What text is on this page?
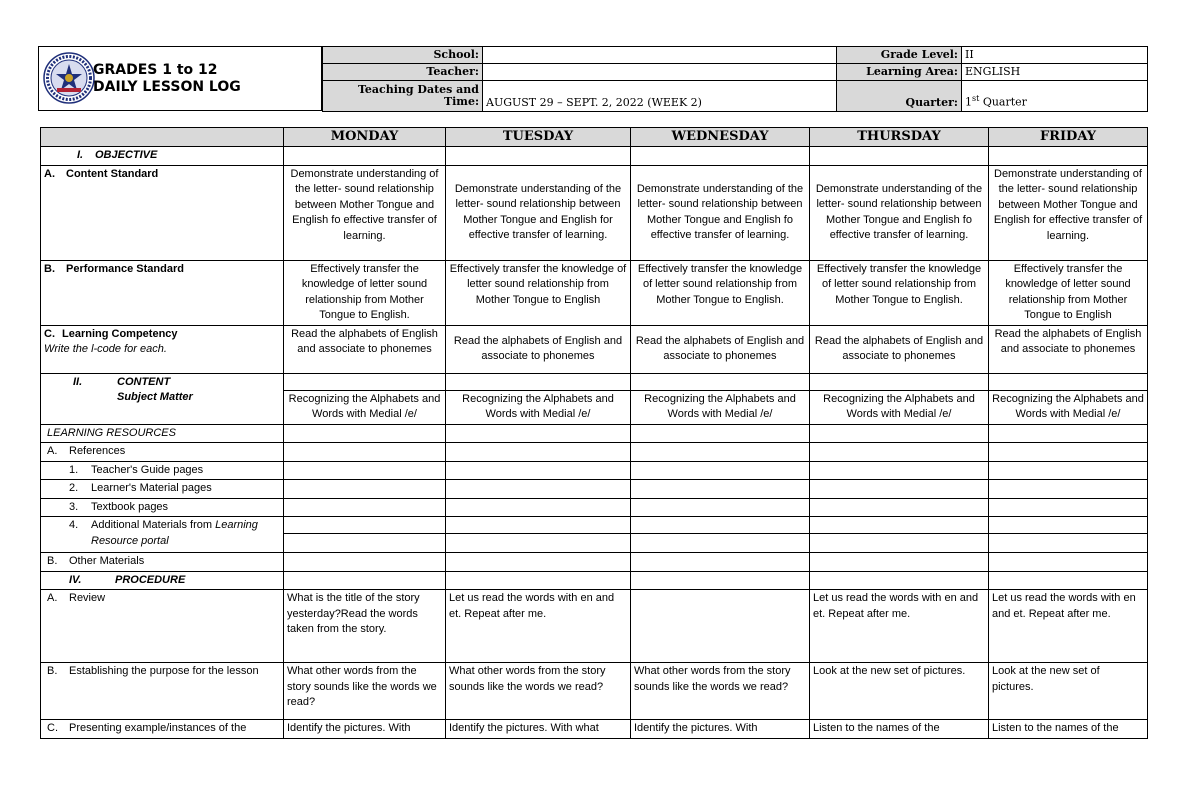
GRADES 1 to 12
DAILY LESSON LOG
School:		Grade Level:	II
Teacher:		Learning Area:	ENGLISH

Teaching Dates and
Time:	AUGUST 29 – SEPT. 2, 2022 (WEEK 2)	Quarter:	1st Quarter
	MONDAY	TUESDAY	WEDNESDAY	THURSDAY	FRIDAY
I. OBJECTIVE					
A. Content Standard	Demonstrate understanding of the letter- sound relationship between Mother Tongue and English fo effective transfer of learning.	Demonstrate understanding of the letter- sound relationship between Mother Tongue and English for effective transfer of learning.	Demonstrate understanding of the letter- sound relationship between Mother Tongue and English fo effective transfer of learning.	Demonstrate understanding of the letter- sound relationship between Mother Tongue and English fo effective transfer of learning.	Demonstrate understanding of the letter- sound relationship between Mother Tongue and English for effective transfer of learning.
B. Performance Standard	Effectively transfer the knowledge of letter sound relationship from Mother Tongue to English.	Effectively transfer the knowledge of letter sound relationship from Mother Tongue to English	Effectively transfer the knowledge of letter sound relationship from Mother Tongue to English.	Effectively transfer the knowledge of letter sound relationship from Mother Tongue to English.	Effectively transfer the knowledge of letter sound relationship from Mother Tongue to English

C. Learning Competency
Write the l-code for each.	Read the alphabets of English and associate to phonemes	Read the alphabets of English and associate to phonemes	Read the alphabets of English and associate to phonemes	Read the alphabets of English and associate to phonemes	Read the alphabets of English and associate to phonemes

II. CONTENT
Subject Matter					

	Recognizing the Alphabets and Words with Medial /e/	Recognizing the Alphabets and Words with Medial /e/	Recognizing the Alphabets and Words with Medial /e/	Recognizing the Alphabets and Words with Medial /e/	Recognizing the Alphabets and Words with Medial /e/
LEARNING RESOURCES					
A. References					
1. Teacher's Guide pages					
2. Learner's Material pages					
3. Textbook pages					

4. Additional Materials from Learning
Resource portal					

B. Other Materials					
IV. PROCEDURE					
A. Review	What is the title of the story yesterday?Read the words taken from the story.	Let us read the words with en and et. Repeat after me.		Let us read the words with en and et. Repeat after me.	Let us read the words with en and et. Repeat after me.
B. Establishing the purpose for the lesson	What other words from the story sounds like the words we read?	What other words from the story sounds like the words we read?	What other words from the story sounds like the words we read?	Look at the new set of pictures.	Look at the new set of pictures.
C. Presenting example/instances of the	Identify the pictures. With	Identify the pictures. With what	Identify the pictures. With	Listen to the names of the	Listen to the names of the
